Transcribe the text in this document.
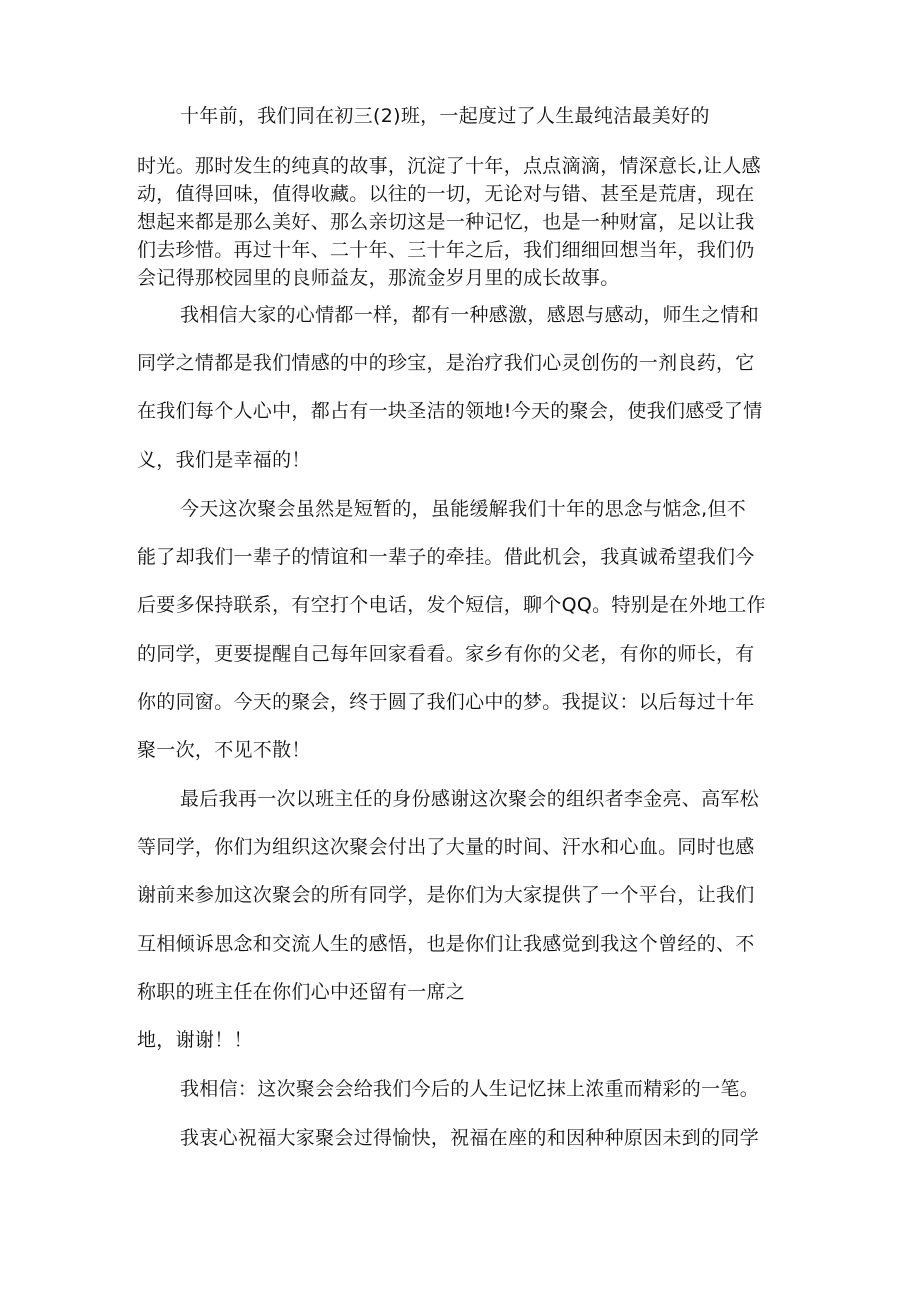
十年前，我们同在初三(2)班，一起度过了人生最纯洁最美好的
时光。那时发生的纯真的故事，沉淀了十年，点点滴滴，情深意长,让人感
动，值得回味，值得收藏。以往的一切，无论对与错、甚至是荒唐，现在
想起来都是那么美好、那么亲切这是一种记忆，也是一种财富，足以让我
们去珍惜。再过十年、二十年、三十年之后，我们细细回想当年，我们仍
会记得那校园里的良师益友，那流金岁月里的成长故事。
我相信大家的心情都一样，都有一种感激，感恩与感动，师生之情和
同学之情都是我们情感的中的珍宝，是治疗我们心灵创伤的一剂良药，它
在我们每个人心中，都占有一块圣洁的领地!今天的聚会，使我们感受了情
义，我们是幸福的！
今天这次聚会虽然是短暂的，虽能缓解我们十年的思念与惦念,但不
能了却我们一辈子的情谊和一辈子的牵挂。借此机会，我真诚希望我们今
后要多保持联系，有空打个电话，发个短信，聊个QQ。特别是在外地工作
的同学，更要提醒自己每年回家看看。家乡有你的父老，有你的师长，有
你的同窗。今天的聚会，终于圆了我们心中的梦。我提议：以后每过十年
聚一次，不见不散！
最后我再一次以班主任的身份感谢这次聚会的组织者李金亮、高军松
等同学，你们为组织这次聚会付出了大量的时间、汗水和心血。同时也感
谢前来参加这次聚会的所有同学，是你们为大家提供了一个平台，让我们
互相倾诉思念和交流人生的感悟，也是你们让我感觉到我这个曾经的、不
称职的班主任在你们心中还留有一席之
地，谢谢！！
我相信：这次聚会会给我们今后的人生记忆抹上浓重而精彩的一笔。
我衷心祝福大家聚会过得愉快，祝福在座的和因种种原因未到的同学
